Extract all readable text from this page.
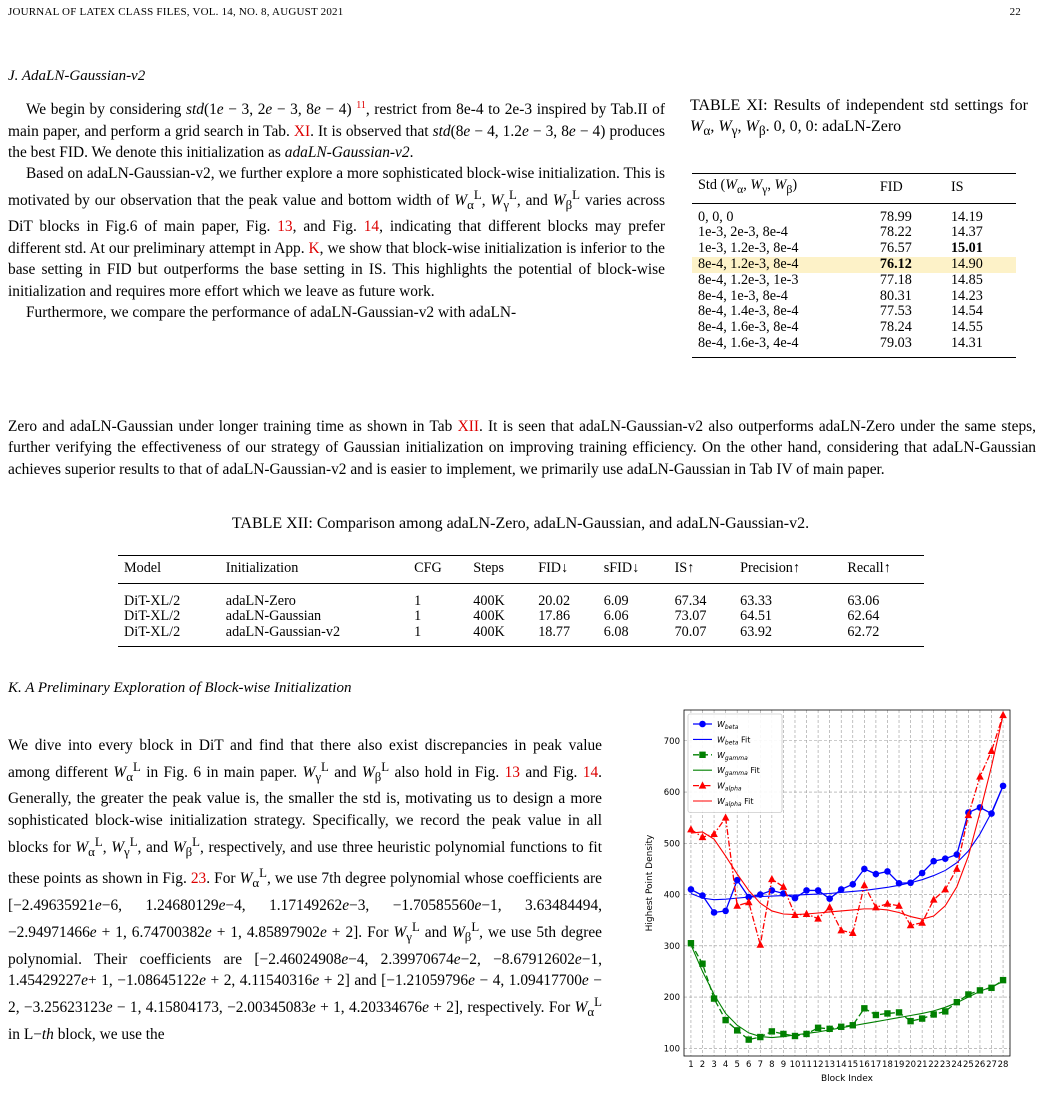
JOURNAL OF LATEX CLASS FILES, VOL. 14, NO. 8, AUGUST 2021	22
J. AdaLN-Gaussian-v2

We begin by considering std(1e − 3, 2e − 3, 8e − 4) $^{11}$, restrict from 8e-4 to 2e-3 inspired by Tab.II of main paper, and perform a grid search in Tab. XI. It is observed that std(8e − 4, 1.2e − 3, 8e − 4) produces the best FID. We denote this initialization as adaLN-Gaussian-v2.

Based on adaLN-Gaussian-v2, we further explore a more sophisticated block-wise initialization. This is motivated by our observation that the peak value and bottom width of $W_\alpha^L$, $W_\gamma^L$, and $W_\beta^L$ varies across DiT blocks in Fig.6 of main paper, Fig. 13, and Fig. 14, indicating that different blocks may prefer different std. At our preliminary attempt in App. K, we show that block-wise initialization is inferior to the base setting in FID but outperforms the base setting in IS. This highlights the potential of block-wise initialization and requires more effort which we leave as future work.

Furthermore, we compare the performance of adaLN-Gaussian-v2 with adaLN-

Zero and adaLN-Gaussian under longer training time as shown in Tab XII. It is seen that adaLN-Gaussian-v2 also outperforms adaLN-Zero under the same steps, further verifying the effectiveness of our strategy of Gaussian initialization on improving training efficiency. On the other hand, considering that adaLN-Gaussian achieves superior results to that of adaLN-Gaussian-v2 and is easier to implement, we primarily use adaLN-Gaussian in Tab IV of main paper.

TABLE XI: Results of independent std settings for $W_\alpha$, $W_\gamma$, $W_\beta$. 0, 0, 0: adaLN-Zero
Std ($W_\alpha$, $W_\gamma$, $W_\beta$)	FID	IS
0, 0, 0	78.99	14.19
1e-3, 2e-3, 8e-4	78.22	14.37
1e-3, 1.2e-3, 8e-4	76.57	15.01
8e-4, 1.2e-3, 8e-4	76.12	14.90
8e-4, 1.2e-3, 1e-3	77.18	14.85
8e-4, 1e-3, 8e-4	80.31	14.23
8e-4, 1.4e-3, 8e-4	77.53	14.54
8e-4, 1.6e-3, 8e-4	78.24	14.55
8e-4, 1.6e-3, 4e-4	79.03	14.31
TABLE XII: Comparison among adaLN-Zero, adaLN-Gaussian, and adaLN-Gaussian-v2.
Model	Initialization	CFG	Steps	FID↓	sFID↓	IS↑	Precision↑	Recall↑
DiT-XL/2	adaLN-Zero	1	400K	20.02	6.09	67.34	63.33	63.06
DiT-XL/2	adaLN-Gaussian	1	400K	17.86	6.06	73.07	64.51	62.64
DiT-XL/2	adaLN-Gaussian-v2	1	400K	18.77	6.08	70.07	63.92	62.72
K. A Preliminary Exploration of Block-wise Initialization

We dive into every block in DiT and find that there also exist discrepancies in peak value among different $W_\alpha^L$ in Fig. 6 in main paper. $W_\gamma^L$ and $W_\beta^L$ also hold in Fig. 13 and Fig. 14. Generally, the greater the peak value is, the smaller the std is, motivating us to design a more sophisticated block-wise initialization strategy. Specifically, we record the peak value in all blocks for $W_\alpha^L$, $W_\gamma^L$, and $W_\beta^L$, respectively, and use three heuristic polynomial functions to fit these points as shown in Fig. 23. For $W_\alpha^L$, we use 7th degree polynomial whose coefficients are [−2.49635921e−6, 1.24680129e−4, 1.17149262e−3, −1.70585560e−1, 3.63484494, −2.94971466e + 1, 6.74700382e + 1, 4.85897902e + 2]. For $W_\gamma^L$ and $W_\beta^L$, we use 5th degree polynomial. Their coefficients are [−2.46024908e−4, 2.39970674e−2, −8.67912602e−1, 1.45429227e+ 1, −1.08645122e + 2, 4.11540316e + 2] and [−1.21059796e − 4, 1.09417700e − 2, −3.25623123e − 1, 4.15804173, −2.00345083e + 1, 4.20334676e + 2], respectively. For $W_\alpha^L$ in L−th block, we use the

1 2 3 4 5 6 7 8 9 10 11 12 13 14 15 16 17 18 19 20 21 22 23 24 25 26 27 28
100
200
300
400
500
600
700
Block Index
Highest Point Density
$W_{beta}$
$W_{beta}$ Fit
$W_{gamma}$
$W_{gamma}$ Fit
$W_{alpha}$
$W_{alpha}$ Fit
